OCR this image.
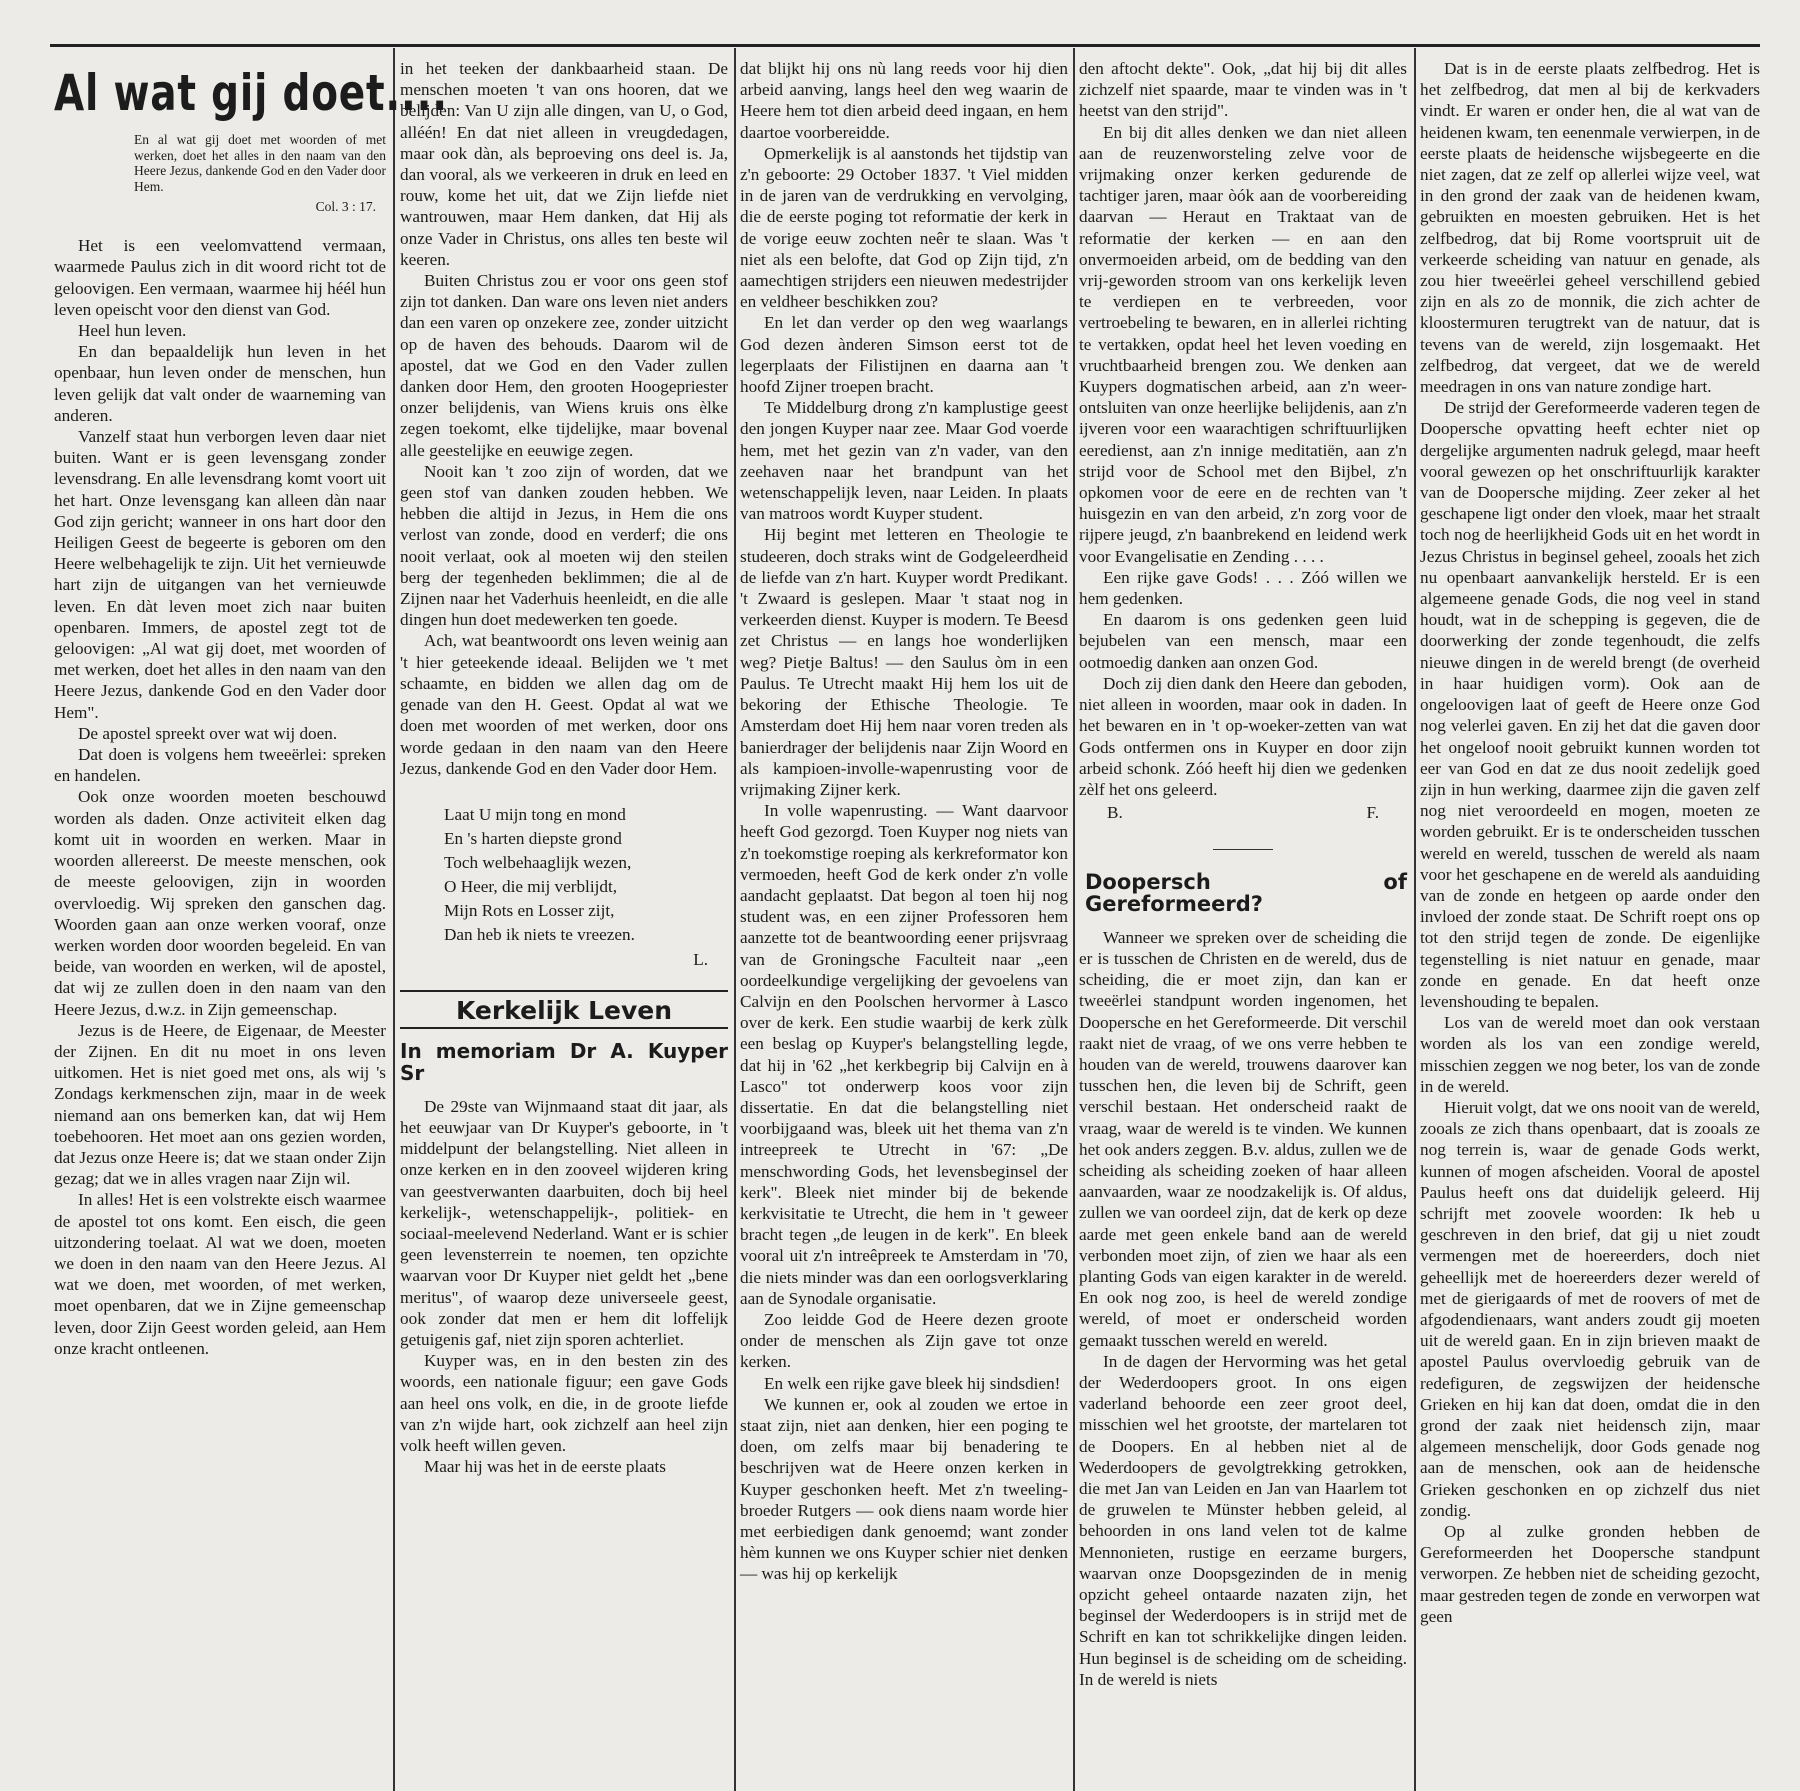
Al wat gij doet....
En al wat gij doet met woorden of met werken, doet het alles in den naam van den Heere Jezus, dankende God en den Vader door Hem.
Col. 3 : 17.

Het is een veelomvattend vermaan, waarmede Paulus zich in dit woord richt tot de geloovigen. Een vermaan, waarmee hij héél hun leven opeischt voor den dienst van God.

Heel hun leven.

En dan bepaaldelijk hun leven in het openbaar, hun leven onder de menschen, hun leven gelijk dat valt onder de waarneming van anderen.

Vanzelf staat hun verborgen leven daar niet buiten. Want er is geen levensgang zonder levensdrang. En alle levensdrang komt voort uit het hart. Onze levensgang kan alleen dàn naar God zijn gericht; wanneer in ons hart door den Heiligen Geest de begeerte is geboren om den Heere welbehagelijk te zijn. Uit het vernieuwde hart zijn de uitgangen van het vernieuwde leven. En dàt leven moet zich naar buiten openbaren. Immers, de apostel zegt tot de geloovigen: „Al wat gij doet, met woorden of met werken, doet het alles in den naam van den Heere Jezus, dankende God en den Vader door Hem".

De apostel spreekt over wat wij doen.

Dat doen is volgens hem tweeërlei: spreken en handelen.

Ook onze woorden moeten beschouwd worden als daden. Onze activiteit elken dag komt uit in woorden en werken. Maar in woorden allereerst. De meeste menschen, ook de meeste geloovigen, zijn in woorden overvloedig. Wij spreken den ganschen dag. Woorden gaan aan onze werken vooraf, onze werken worden door woorden begeleid. En van beide, van woorden en werken, wil de apostel, dat wij ze zullen doen in den naam van den Heere Jezus, d.w.z. in Zijn gemeenschap.

Jezus is de Heere, de Eigenaar, de Meester der Zijnen. En dit nu moet in ons leven uitkomen. Het is niet goed met ons, als wij 's Zondags kerkmenschen zijn, maar in de week niemand aan ons bemerken kan, dat wij Hem toebehooren. Het moet aan ons gezien worden, dat Jezus onze Heere is; dat we staan onder Zijn gezag; dat we in alles vragen naar Zijn wil.

In alles! Het is een volstrekte eisch waarmee de apostel tot ons komt. Een eisch, die geen uitzondering toelaat. Al wat we doen, moeten we doen in den naam van den Heere Jezus. Al wat we doen, met woorden, of met werken, moet openbaren, dat we in Zijne gemeenschap leven, door Zijn Geest worden geleid, aan Hem onze kracht ontleenen.

in het teeken der dankbaarheid staan. De menschen moeten 't van ons hooren, dat we belijden: Van U zijn alle dingen, van U, o God, alléén! En dat niet alleen in vreugdedagen, maar ook dàn, als beproeving ons deel is. Ja, dan vooral, als we verkeeren in druk en leed en rouw, kome het uit, dat we Zijn liefde niet wantrouwen, maar Hem danken, dat Hij als onze Vader in Christus, ons alles ten beste wil keeren.

Buiten Christus zou er voor ons geen stof zijn tot danken. Dan ware ons leven niet anders dan een varen op onzekere zee, zonder uitzicht op de haven des behouds. Daarom wil de apostel, dat we God en den Vader zullen danken door Hem, den grooten Hoogepriester onzer belijdenis, van Wiens kruis ons èlke zegen toekomt, elke tijdelijke, maar bovenal alle geestelijke en eeuwige zegen.

Nooit kan 't zoo zijn of worden, dat we geen stof van danken zouden hebben. We hebben die altijd in Jezus, in Hem die ons verlost van zonde, dood en verderf; die ons nooit verlaat, ook al moeten wij den steilen berg der tegenheden beklimmen; die al de Zijnen naar het Vaderhuis heenleidt, en die alle dingen hun doet medewerken ten goede.

Ach, wat beantwoordt ons leven weinig aan 't hier geteekende ideaal. Belijden we 't met schaamte, en bidden we allen dag om de genade van den H. Geest. Opdat al wat we doen met woorden of met werken, door ons worde gedaan in den naam van den Heere Jezus, dankende God en den Vader door Hem.

Laat U mijn tong en mond
En 's harten diepste grond
Toch welbehaaglijk wezen,
O Heer, die mij verblijdt,
Mijn Rots en Losser zijt,
Dan heb ik niets te vreezen.
L.
Kerkelijk Leven
In memoriam Dr A. Kuyper Sr

De 29ste van Wijnmaand staat dit jaar, als het eeuwjaar van Dr Kuyper's geboorte, in 't middelpunt der belangstelling. Niet alleen in onze kerken en in den zooveel wijderen kring van geestverwanten daarbuiten, doch bij heel kerkelijk-, wetenschappelijk-, politiek- en sociaal-meelevend Nederland. Want er is schier geen levensterrein te noemen, ten opzichte waarvan voor Dr Kuyper niet geldt het „bene meritus", of waarop deze universeele geest, ook zonder dat men er hem dit loffelijk getuigenis gaf, niet zijn sporen achterliet.

Kuyper was, en in den besten zin des woords, een nationale figuur; een gave Gods aan heel ons volk, en die, in de groote liefde van z'n wijde hart, ook zichzelf aan heel zijn volk heeft willen geven.

Maar hij was het in de eerste plaats

dat blijkt hij ons nù lang reeds voor hij dien arbeid aanving, langs heel den weg waarin de Heere hem tot dien arbeid deed ingaan, en hem daartoe voorbereidde.

Opmerkelijk is al aanstonds het tijdstip van z'n geboorte: 29 October 1837. 't Viel midden in de jaren van de verdrukking en vervolging, die de eerste poging tot reformatie der kerk in de vorige eeuw zochten neêr te slaan. Was 't niet als een belofte, dat God op Zijn tijd, z'n aamechtigen strijders een nieuwen medestrijder en veldheer beschikken zou?

En let dan verder op den weg waarlangs God dezen ànderen Simson eerst tot de legerplaats der Filistijnen en daarna aan 't hoofd Zijner troepen bracht.

Te Middelburg drong z'n kamplustige geest den jongen Kuyper naar zee. Maar God voerde hem, met het gezin van z'n vader, van den zeehaven naar het brandpunt van het wetenschappelijk leven, naar Leiden. In plaats van matroos wordt Kuyper student.

Hij begint met letteren en Theologie te studeeren, doch straks wint de Godgeleerdheid de liefde van z'n hart. Kuyper wordt Predikant. 't Zwaard is geslepen. Maar 't staat nog in verkeerden dienst. Kuyper is modern. Te Beesd zet Christus — en langs hoe wonderlijken weg? Pietje Baltus! — den Saulus òm in een Paulus. Te Utrecht maakt Hij hem los uit de bekoring der Ethische Theologie. Te Amsterdam doet Hij hem naar voren treden als banierdrager der belijdenis naar Zijn Woord en als kampioen-involle-wapenrusting voor de vrijmaking Zijner kerk.

In volle wapenrusting. — Want daarvoor heeft God gezorgd. Toen Kuyper nog niets van z'n toekomstige roeping als kerkreformator kon vermoeden, heeft God de kerk onder z'n volle aandacht geplaatst. Dat begon al toen hij nog student was, en een zijner Professoren hem aanzette tot de beantwoording eener prijsvraag van de Groningsche Faculteit naar „een oordeelkundige vergelijking der gevoelens van Calvijn en den Poolschen hervormer à Lasco over de kerk. Een studie waarbij de kerk zùlk een beslag op Kuyper's belangstelling legde, dat hij in '62 „het kerkbegrip bij Calvijn en à Lasco" tot onderwerp koos voor zijn dissertatie. En dat die belangstelling niet voorbijgaand was, bleek uit het thema van z'n intreepreek te Utrecht in '67: „De menschwording Gods, het levensbeginsel der kerk". Bleek niet minder bij de bekende kerkvisitatie te Utrecht, die hem in 't geweer bracht tegen „de leugen in de kerk". En bleek vooral uit z'n intreêpreek te Amsterdam in '70, die niets minder was dan een oorlogsverklaring aan de Synodale organisatie.

Zoo leidde God de Heere dezen groote onder de menschen als Zijn gave tot onze kerken.

En welk een rijke gave bleek hij sindsdien!

We kunnen er, ook al zouden we ertoe in staat zijn, niet aan denken, hier een poging te doen, om zelfs maar bij benadering te beschrijven wat de Heere onzen kerken in Kuyper geschonken heeft. Met z'n tweeling-broeder Rutgers — ook diens naam worde hier met eerbiedigen dank genoemd; want zonder hèm kunnen we ons Kuyper schier niet denken — was hij op kerkelijk

den aftocht dekte". Ook, „dat hij bij dit alles zichzelf niet spaarde, maar te vinden was in 't heetst van den strijd".

En bij dit alles denken we dan niet alleen aan de reuzenworsteling zelve voor de vrijmaking onzer kerken gedurende de tachtiger jaren, maar òók aan de voorbereiding daarvan — Heraut en Traktaat van de reformatie der kerken — en aan den onvermoeiden arbeid, om de bedding van den vrij-geworden stroom van ons kerkelijk leven te verdiepen en te verbreeden, voor vertroebeling te bewaren, en in allerlei richting te vertakken, opdat heel het leven voeding en vruchtbaarheid brengen zou. We denken aan Kuypers dogmatischen arbeid, aan z'n weer-ontsluiten van onze heerlijke belijdenis, aan z'n ijveren voor een waarachtigen schriftuurlijken eeredienst, aan z'n innige meditatiën, aan z'n strijd voor de School met den Bijbel, z'n opkomen voor de eere en de rechten van 't huisgezin en van den arbeid, z'n zorg voor de rijpere jeugd, z'n baanbrekend en leidend werk voor Evangelisatie en Zending . . . .

Een rijke gave Gods! . . . Zóó willen we hem gedenken.

En daarom is ons gedenken geen luid bejubelen van een mensch, maar een ootmoedig danken aan onzen God.

Doch zij dien dank den Heere dan geboden, niet alleen in woorden, maar ook in daden. In het bewaren en in 't op-woeker-zetten van wat Gods ontfermen ons in Kuyper en door zijn arbeid schonk. Zóó heeft hij dien we gedenken zèlf het ons geleerd.

B.	F.
Doopersch of Gereformeerd?

Wanneer we spreken over de scheiding die er is tusschen de Christen en de wereld, dus de scheiding, die er moet zijn, dan kan er tweeërlei standpunt worden ingenomen, het Doopersche en het Gereformeerde. Dit verschil raakt niet de vraag, of we ons verre hebben te houden van de wereld, trouwens daarover kan tusschen hen, die leven bij de Schrift, geen verschil bestaan. Het onderscheid raakt de vraag, waar de wereld is te vinden. We kunnen het ook anders zeggen. B.v. aldus, zullen we de scheiding als scheiding zoeken of haar alleen aanvaarden, waar ze noodzakelijk is. Of aldus, zullen we van oordeel zijn, dat de kerk op deze aarde met geen enkele band aan de wereld verbonden moet zijn, of zien we haar als een planting Gods van eigen karakter in de wereld. En ook nog zoo, is heel de wereld zondige wereld, of moet er onderscheid worden gemaakt tusschen wereld en wereld.

In de dagen der Hervorming was het getal der Wederdoopers groot. In ons eigen vaderland behoorde een zeer groot deel, misschien wel het grootste, der martelaren tot de Doopers. En al hebben niet al de Wederdoopers de gevolgtrekking getrokken, die met Jan van Leiden en Jan van Haarlem tot de gruwelen te Münster hebben geleid, al behoorden in ons land velen tot de kalme Mennonieten, rustige en eerzame burgers, waarvan onze Doopsgezinden de in menig opzicht geheel ontaarde nazaten zijn, het beginsel der Wederdoopers is in strijd met de Schrift en kan tot schrikkelijke dingen leiden. Hun beginsel is de scheiding om de scheiding. In de wereld is niets

Dat is in de eerste plaats zelfbedrog. Het is het zelfbedrog, dat men al bij de kerkvaders vindt. Er waren er onder hen, die al wat van de heidenen kwam, ten eenenmale verwierpen, in de eerste plaats de heidensche wijsbegeerte en die niet zagen, dat ze zelf op allerlei wijze veel, wat in den grond der zaak van de heidenen kwam, gebruikten en moesten gebruiken. Het is het zelfbedrog, dat bij Rome voortspruit uit de verkeerde scheiding van natuur en genade, als zou hier tweeërlei geheel verschillend gebied zijn en als zo de monnik, die zich achter de kloostermuren terugtrekt van de natuur, dat is tevens van de wereld, zijn losgemaakt. Het zelfbedrog, dat vergeet, dat we de wereld meedragen in ons van nature zondige hart.

De strijd der Gereformeerde vaderen tegen de Doopersche opvatting heeft echter niet op dergelijke argumenten nadruk gelegd, maar heeft vooral gewezen op het onschriftuurlijk karakter van de Doopersche mijding. Zeer zeker al het geschapene ligt onder den vloek, maar het straalt toch nog de heerlijkheid Gods uit en het wordt in Jezus Christus in beginsel geheel, zooals het zich nu openbaart aanvankelijk hersteld. Er is een algemeene genade Gods, die nog veel in stand houdt, wat in de schepping is gegeven, die de doorwerking der zonde tegenhoudt, die zelfs nieuwe dingen in de wereld brengt (de overheid in haar huidigen vorm). Ook aan de ongeloovigen laat of geeft de Heere onze God nog velerlei gaven. En zij het dat die gaven door het ongeloof nooit gebruikt kunnen worden tot eer van God en dat ze dus nooit zedelijk goed zijn in hun werking, daarmee zijn die gaven zelf nog niet veroordeeld en mogen, moeten ze worden gebruikt. Er is te onderscheiden tusschen wereld en wereld, tusschen de wereld als naam voor het geschapene en de wereld als aanduiding van de zonde en hetgeen op aarde onder den invloed der zonde staat. De Schrift roept ons op tot den strijd tegen de zonde. De eigenlijke tegenstelling is niet natuur en genade, maar zonde en genade. En dat heeft onze levenshouding te bepalen.

Los van de wereld moet dan ook verstaan worden als los van een zondige wereld, misschien zeggen we nog beter, los van de zonde in de wereld.

Hieruit volgt, dat we ons nooit van de wereld, zooals ze zich thans openbaart, dat is zooals ze nog terrein is, waar de genade Gods werkt, kunnen of mogen afscheiden. Vooral de apostel Paulus heeft ons dat duidelijk geleerd. Hij schrijft met zoovele woorden: Ik heb u geschreven in den brief, dat gij u niet zoudt vermengen met de hoereerders, doch niet geheellijk met de hoereerders dezer wereld of met de gierigaards of met de roovers of met de afgodendienaars, want anders zoudt gij moeten uit de wereld gaan. En in zijn brieven maakt de apostel Paulus overvloedig gebruik van de redefiguren, de zegswijzen der heidensche Grieken en hij kan dat doen, omdat die in den grond der zaak niet heidensch zijn, maar algemeen menschelijk, door Gods genade nog aan de menschen, ook aan de heidensche Grieken geschonken en op zichzelf dus niet zondig.

Op al zulke gronden hebben de Gereformeerden het Doopersche standpunt verworpen. Ze hebben niet de scheiding gezocht, maar gestreden tegen de zonde en verworpen wat geen
